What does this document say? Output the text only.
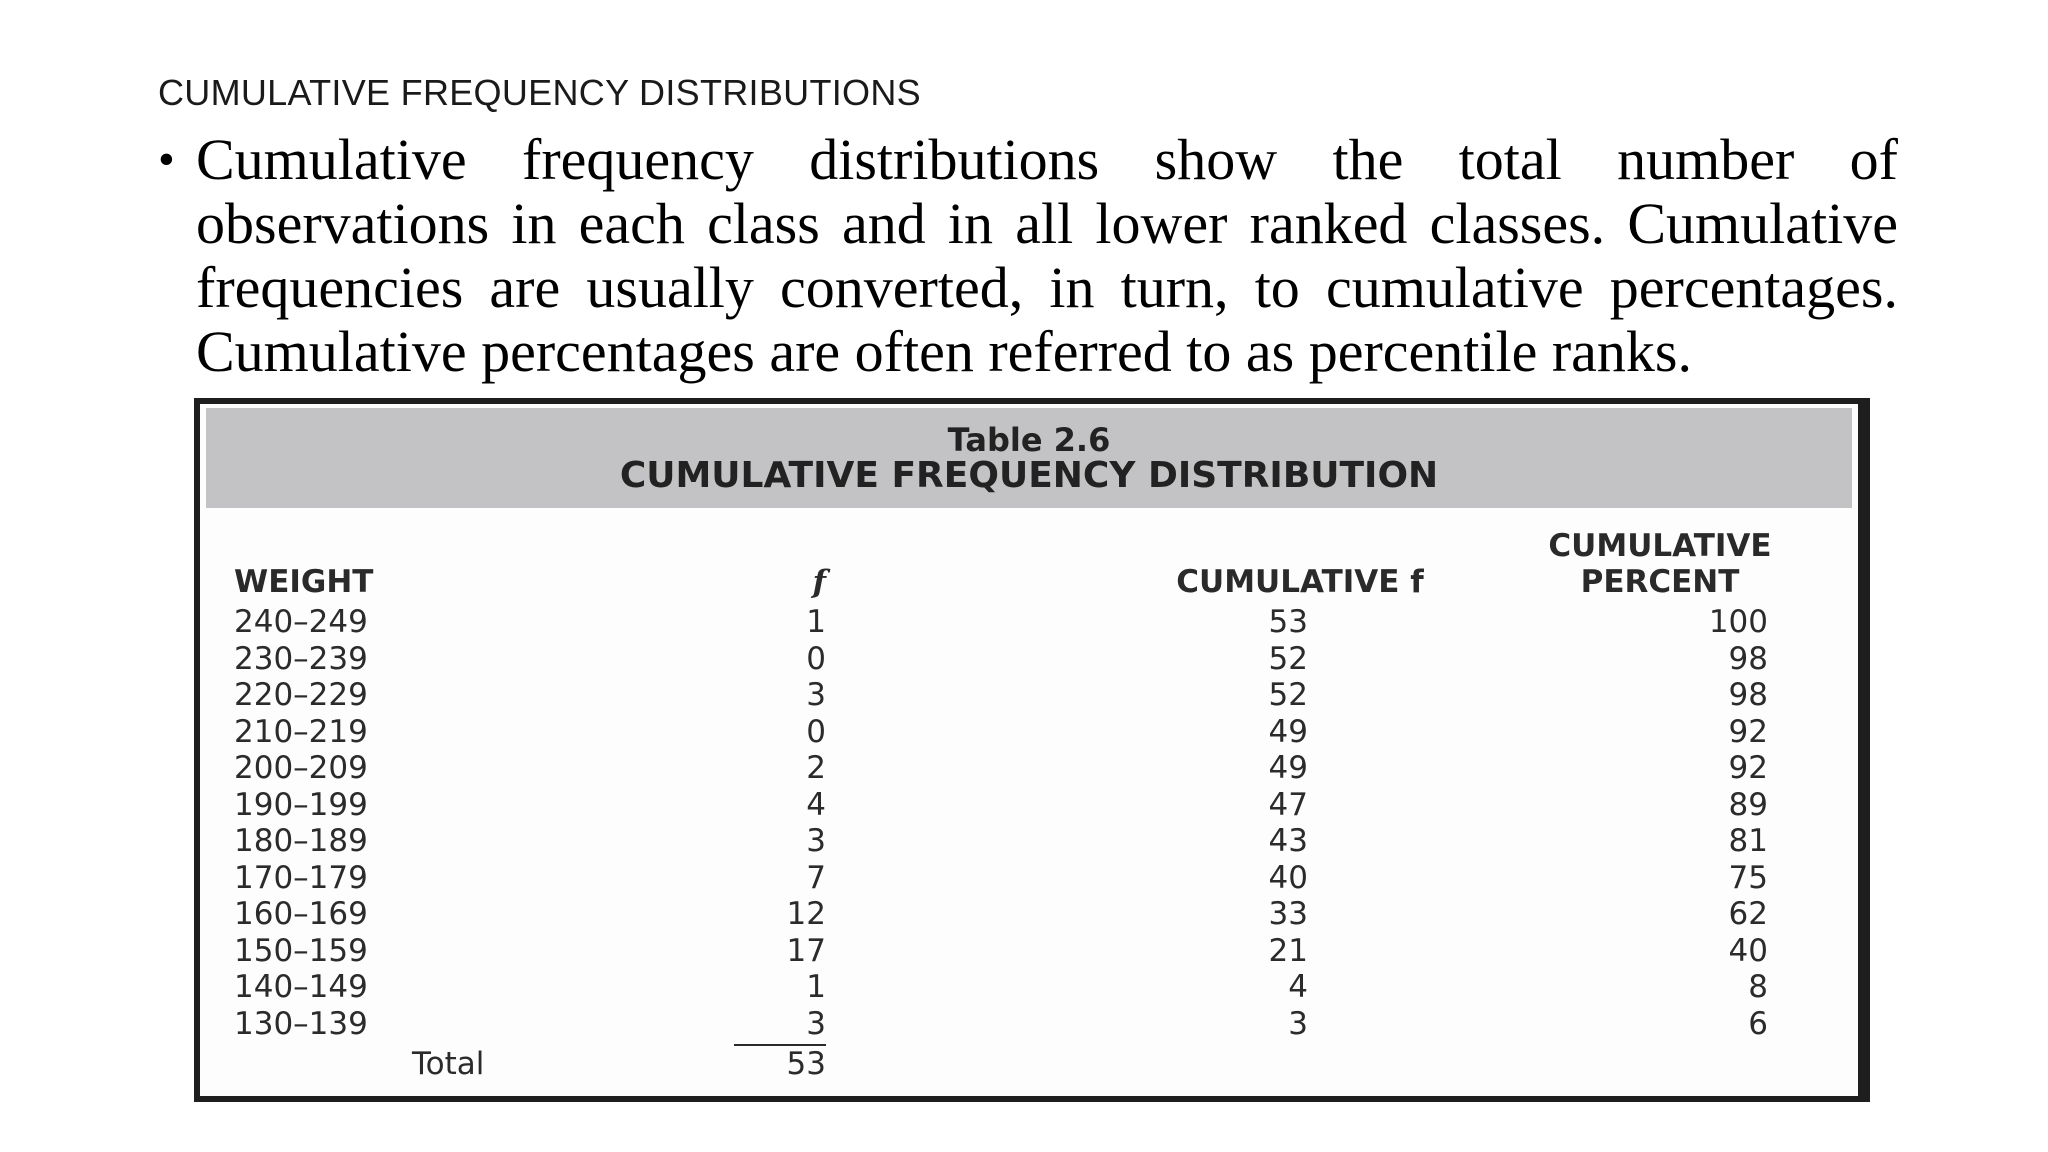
CUMULATIVE FREQUENCY DISTRIBUTIONS
• Cumulative frequency distributions show the total number of observations in each class and in all lower ranked classes. Cumulative frequencies are usually converted, in turn, to cumulative percentages. Cumulative percentages are often referred to as percentile ranks.
Table 2.6
CUMULATIVE FREQUENCY DISTRIBUTION
WEIGHT	f	CUMULATIVE f
CUMULATIVE
PERCENT
240–249	1	53	100
230–239	0	52	98
220–229	3	52	98
210–219	0	49	92
200–209	2	49	92
190–199	4	47	89
180–189	3	43	81
170–179	7	40	75
160–169	12	33	62
150–159	17	21	40
140–149	1	4	8
130–139	3	3	6
Total	53
